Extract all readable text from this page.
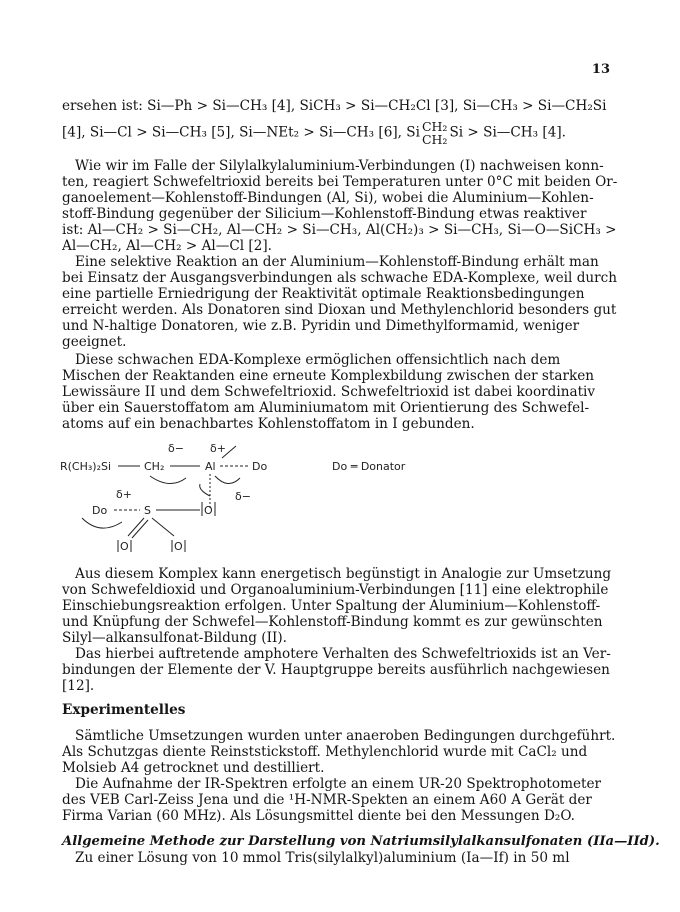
13
ersehen ist: Si—Ph > Si—CH₃ [4], SiCH₃ > Si—CH₂Cl [3], Si—CH₃ > Si—CH₂Si
[4], Si—Cl > Si—CH₃ [5], Si—NEt₂ > Si—CH₃ [6], Si CH₂
CH₂ Si > Si—CH₃ [4].
Wie wir im Falle der Silylalkylaluminium-Verbindungen (I) nachweisen konn-
ten, reagiert Schwefeltrioxid bereits bei Temperaturen unter 0°C mit beiden Or-
ganoelement—Kohlenstoff-Bindungen (Al, Si), wobei die Aluminium—Kohlen-
stoff-Bindung gegenüber der Silicium—Kohlenstoff-Bindung etwas reaktiver
ist: Al—CH₂ > Si—CH₂, Al—CH₂ > Si—CH₃, Al(CH₂)₃ > Si—CH₃, Si—O—SiCH₃ >
Al—CH₂, Al—CH₂ > Al—Cl [2].
Eine selektive Reaktion an der Aluminium—Kohlenstoff-Bindung erhält man
bei Einsatz der Ausgangsverbindungen als schwache EDA-Komplexe, weil durch
eine partielle Erniedrigung der Reaktivität optimale Reaktionsbedingungen
erreicht werden. Als Donatoren sind Dioxan und Methylenchlorid besonders gut
und N-haltige Donatoren, wie z.B. Pyridin und Dimethylformamid, weniger
geeignet.
Diese schwachen EDA-Komplexe ermöglichen offensichtlich nach dem
Mischen der Reaktanden eine erneute Komplexbildung zwischen der starken
Lewissäure II und dem Schwefeltrioxid. Schwefeltrioxid ist dabei koordinativ
über ein Sauerstoffatom am Aluminiumatom mit Orientierung des Schwefel-
atoms auf ein benachbartes Kohlenstoffatom in I gebunden.
δ− δ+
R(CH₃)₂Si	CH₂	Al	Do	Do ═ Donator
δ+	δ−
Do	S	O
O	O
Aus diesem Komplex kann energetisch begünstigt in Analogie zur Umsetzung
von Schwefeldioxid und Organoaluminium-Verbindungen [11] eine elektrophile
Einschiebungsreaktion erfolgen. Unter Spaltung der Aluminium—Kohlenstoff-
und Knüpfung der Schwefel—Kohlenstoff-Bindung kommt es zur gewünschten
Silyl—alkansulfonat-Bildung (II).
Das hierbei auftretende amphotere Verhalten des Schwefeltrioxids ist an Ver-
bindungen der Elemente der V. Hauptgruppe bereits ausführlich nachgewiesen
[12].
Experimentelles
Sämtliche Umsetzungen wurden unter anaeroben Bedingungen durchgeführt.
Als Schutzgas diente Reinststickstoff. Methylenchlorid wurde mit CaCl₂ und
Molsieb A4 getrocknet und destilliert.
Die Aufnahme der IR-Spektren erfolgte an einem UR-20 Spektrophotometer
des VEB Carl-Zeiss Jena und die ¹H-NMR-Spekten an einem A60 A Gerät der
Firma Varian (60 MHz). Als Lösungsmittel diente bei den Messungen D₂O.
Allgemeine Methode zur Darstellung von Natriumsilylalkansulfonaten (IIa—IId).
Zu einer Lösung von 10 mmol Tris(silylalkyl)aluminium (Ia—If) in 50 ml
